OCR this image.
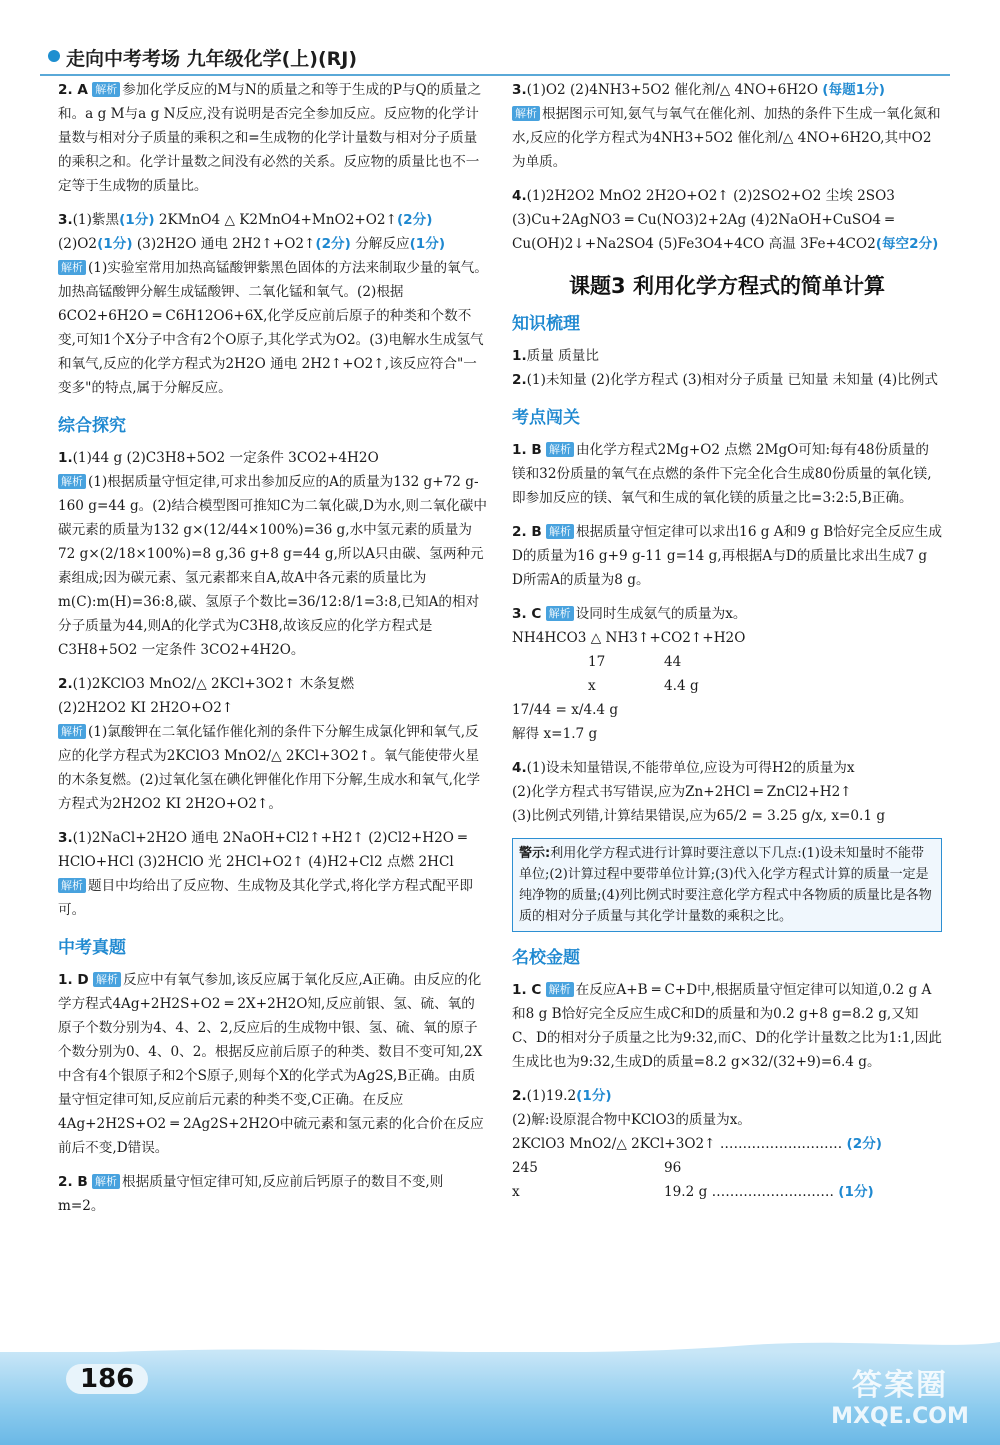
走向中考考场 九年级化学(上)(RJ)

2. A 解析 参加化学反应的M与N的质量之和等于生成的P与Q的质量之和。a g M与a g N反应,没有说明是否完全参加反应。反应物的化学计量数与相对分子质量的乘积之和=生成物的化学计量数与相对分子质量的乘积之和。化学计量数之间没有必然的关系。反应物的质量比也不一定等于生成物的质量比。

3.(1)紫黑(1分) 2KMnO4 △ K2MnO4+MnO2+O2↑(2分)

(2)O2(1分) (3)2H2O 通电 2H2↑+O2↑(2分) 分解反应(1分)

解析 (1)实验室常用加热高锰酸钾紫黑色固体的方法来制取少量的氧气。加热高锰酸钾分解生成锰酸钾、二氧化锰和氧气。(2)根据6CO2+6H2O ═ C6H12O6+6X,化学反应前后原子的种类和个数不变,可知1个X分子中含有2个O原子,其化学式为O2。(3)电解水生成氢气和氧气,反应的化学方程式为2H2O 通电 2H2↑+O2↑,该反应符合"一变多"的特点,属于分解反应。

综合探究

1.(1)44 g (2)C3H8+5O2 一定条件 3CO2+4H2O

解析 (1)根据质量守恒定律,可求出参加反应的A的质量为132 g+72 g-160 g=44 g。(2)结合模型图可推知C为二氧化碳,D为水,则二氧化碳中碳元素的质量为132 g×(12/44×100%)=36 g,水中氢元素的质量为72 g×(2/18×100%)=8 g,36 g+8 g=44 g,所以A只由碳、氢两种元素组成;因为碳元素、氢元素都来自A,故A中各元素的质量比为m(C):m(H)=36:8,碳、氢原子个数比=36/12:8/1=3:8,已知A的相对分子质量为44,则A的化学式为C3H8,故该反应的化学方程式是C3H8+5O2 一定条件 3CO2+4H2O。

2.(1)2KClO3 MnO2/△ 2KCl+3O2↑ 木条复燃

(2)2H2O2 KI 2H2O+O2↑

解析 (1)氯酸钾在二氧化锰作催化剂的条件下分解生成氯化钾和氧气,反应的化学方程式为2KClO3 MnO2/△ 2KCl+3O2↑。氧气能使带火星的木条复燃。(2)过氧化氢在碘化钾催化作用下分解,生成水和氧气,化学方程式为2H2O2 KI 2H2O+O2↑。

3.(1)2NaCl+2H2O 通电 2NaOH+Cl2↑+H2↑ (2)Cl2+H2O ═ HClO+HCl (3)2HClO 光 2HCl+O2↑ (4)H2+Cl2 点燃 2HCl

解析 题目中均给出了反应物、生成物及其化学式,将化学方程式配平即可。

中考真题

1. D 解析 反应中有氧气参加,该反应属于氧化反应,A正确。由反应的化学方程式4Ag+2H2S+O2 ═ 2X+2H2O知,反应前银、氢、硫、氧的原子个数分别为4、4、2、2,反应后的生成物中银、氢、硫、氧的原子个数分别为0、4、0、2。根据反应前后原子的种类、数目不变可知,2X中含有4个银原子和2个S原子,则每个X的化学式为Ag2S,B正确。由质量守恒定律可知,反应前后元素的种类不变,C正确。在反应4Ag+2H2S+O2 ═ 2Ag2S+2H2O中硫元素和氢元素的化合价在反应前后不变,D错误。

2. B 解析 根据质量守恒定律可知,反应前后钙原子的数目不变,则m=2。

3.(1)O2 (2)4NH3+5O2 催化剂/△ 4NO+6H2O (每题1分)

解析 根据图示可知,氨气与氧气在催化剂、加热的条件下生成一氧化氮和水,反应的化学方程式为4NH3+5O2 催化剂/△ 4NO+6H2O,其中O2为单质。

4.(1)2H2O2 MnO2 2H2O+O2↑ (2)2SO2+O2 尘埃 2SO3 (3)Cu+2AgNO3 ═ Cu(NO3)2+2Ag (4)2NaOH+CuSO4 ═ Cu(OH)2↓+Na2SO4 (5)Fe3O4+4CO 高温 3Fe+4CO2(每空2分)

课题3 利用化学方程式的简单计算
知识梳理

1.质量 质量比

2.(1)未知量 (2)化学方程式 (3)相对分子质量 已知量 未知量 (4)比例式

考点闯关

1. B 解析 由化学方程式2Mg+O2 点燃 2MgO可知:每有48份质量的镁和32份质量的氧气在点燃的条件下完全化合生成80份质量的氧化镁,即参加反应的镁、氧气和生成的氧化镁的质量之比=3:2:5,B正确。

2. B 解析 根据质量守恒定律可以求出16 g A和9 g B恰好完全反应生成D的质量为16 g+9 g-11 g=14 g,再根据A与D的质量比求出生成7 g D所需A的质量为8 g。

3. C 解析 设同时生成氨气的质量为x。

NH4HCO3 △ NH3↑+CO2↑+H2O

17	44

x	4.4 g

17/44 = x/4.4 g

解得 x=1.7 g

4.(1)设未知量错误,不能带单位,应设为可得H2的质量为x

(2)化学方程式书写错误,应为Zn+2HCl ═ ZnCl2+H2↑

(3)比例式列错,计算结果错误,应为65/2 = 3.25 g/x, x=0.1 g

警示:利用化学方程式进行计算时要注意以下几点:(1)设未知量时不能带单位;(2)计算过程中要带单位计算;(3)代入化学方程式计算的质量一定是纯净物的质量;(4)列比例式时要注意化学方程式中各物质的质量比是各物质的相对分子质量与其化学计量数的乘积之比。
名校金题

1. C 解析 在反应A+B ═ C+D中,根据质量守恒定律可以知道,0.2 g A和8 g B恰好完全反应生成C和D的质量和为0.2 g+8 g=8.2 g,又知C、D的相对分子质量之比为9:32,而C、D的化学计量数之比为1:1,因此生成比也为9:32,生成D的质量=8.2 g×32/(32+9)=6.4 g。

2.(1)19.2(1分)

(2)解:设原混合物中KClO3的质量为x。

2KClO3 MnO2/△ 2KCl+3O2↑ ……………………… (2分)

245	96

x	19.2 g ……………………… (1分)

186	答案圈
MXQE.COM
